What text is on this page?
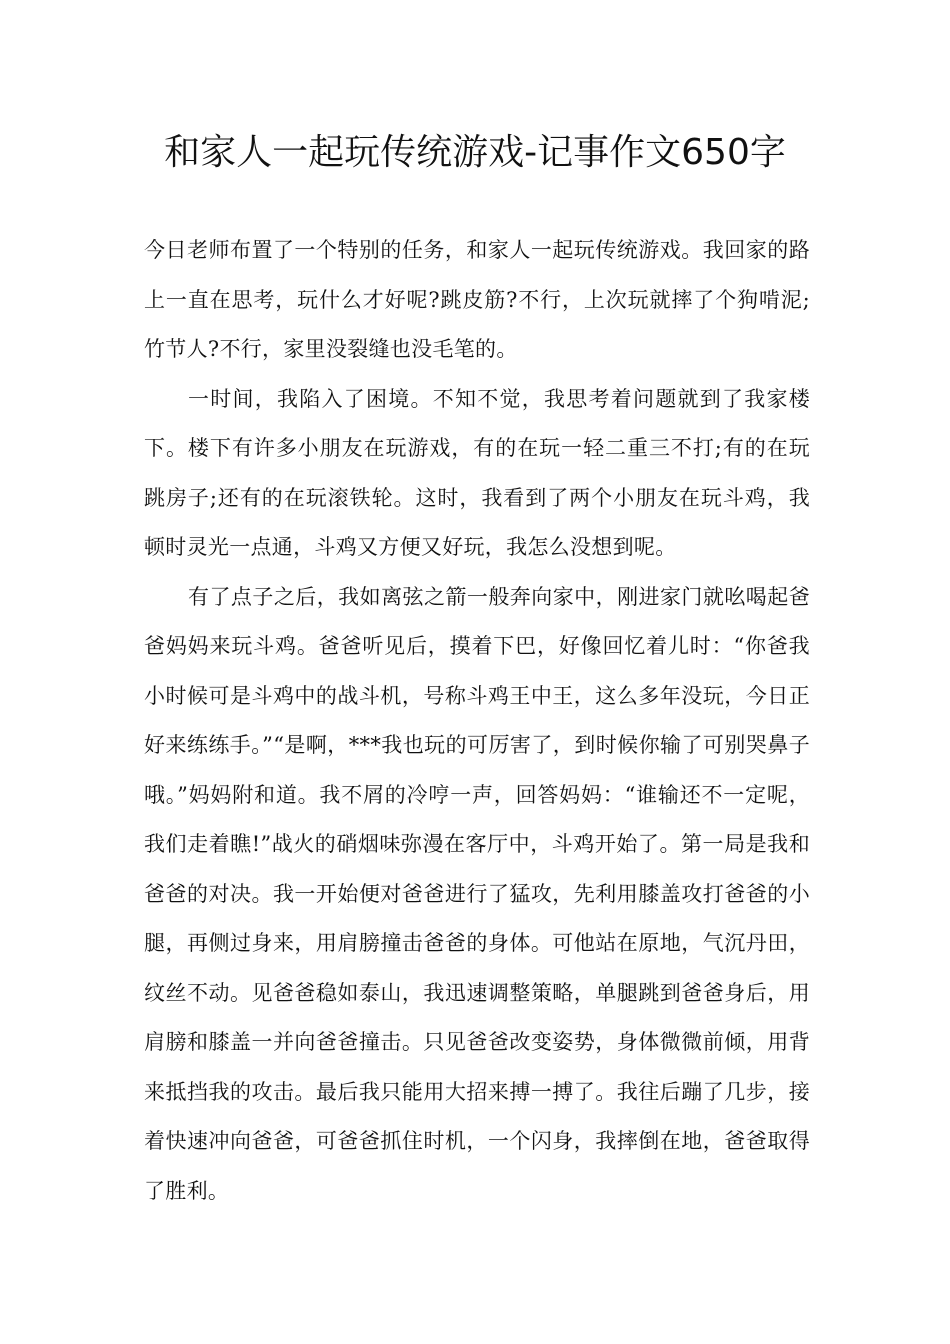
和家人一起玩传统游戏-记事作文650字

今日老师布置了一个特别的任务，和家人一起玩传统游戏。我回家的路上一直在思考，玩什么才好呢?跳皮筋?不行，上次玩就摔了个狗啃泥;竹节人?不行，家里没裂缝也没毛笔的。

一时间，我陷入了困境。不知不觉，我思考着问题就到了我家楼下。楼下有许多小朋友在玩游戏，有的在玩一轻二重三不打;有的在玩跳房子;还有的在玩滚铁轮。这时，我看到了两个小朋友在玩斗鸡，我顿时灵光一点通，斗鸡又方便又好玩，我怎么没想到呢。

有了点子之后，我如离弦之箭一般奔向家中，刚进家门就吆喝起爸爸妈妈来玩斗鸡。爸爸听见后，摸着下巴，好像回忆着儿时：“你爸我小时候可是斗鸡中的战斗机，号称斗鸡王中王，这么多年没玩，今日正好来练练手。”“是啊，***我也玩的可厉害了，到时候你输了可别哭鼻子哦。”妈妈附和道。我不屑的冷哼一声，回答妈妈：“谁输还不一定呢，我们走着瞧!”战火的硝烟味弥漫在客厅中，斗鸡开始了。第一局是我和爸爸的对决。我一开始便对爸爸进行了猛攻，先利用膝盖攻打爸爸的小腿，再侧过身来，用肩膀撞击爸爸的身体。可他站在原地，气沉丹田，纹丝不动。见爸爸稳如泰山，我迅速调整策略，单腿跳到爸爸身后，用肩膀和膝盖一并向爸爸撞击。只见爸爸改变姿势，身体微微前倾，用背来抵挡我的攻击。最后我只能用大招来搏一搏了。我往后蹦了几步，接着快速冲向爸爸，可爸爸抓住时机，一个闪身，我摔倒在地，爸爸取得了胜利。
